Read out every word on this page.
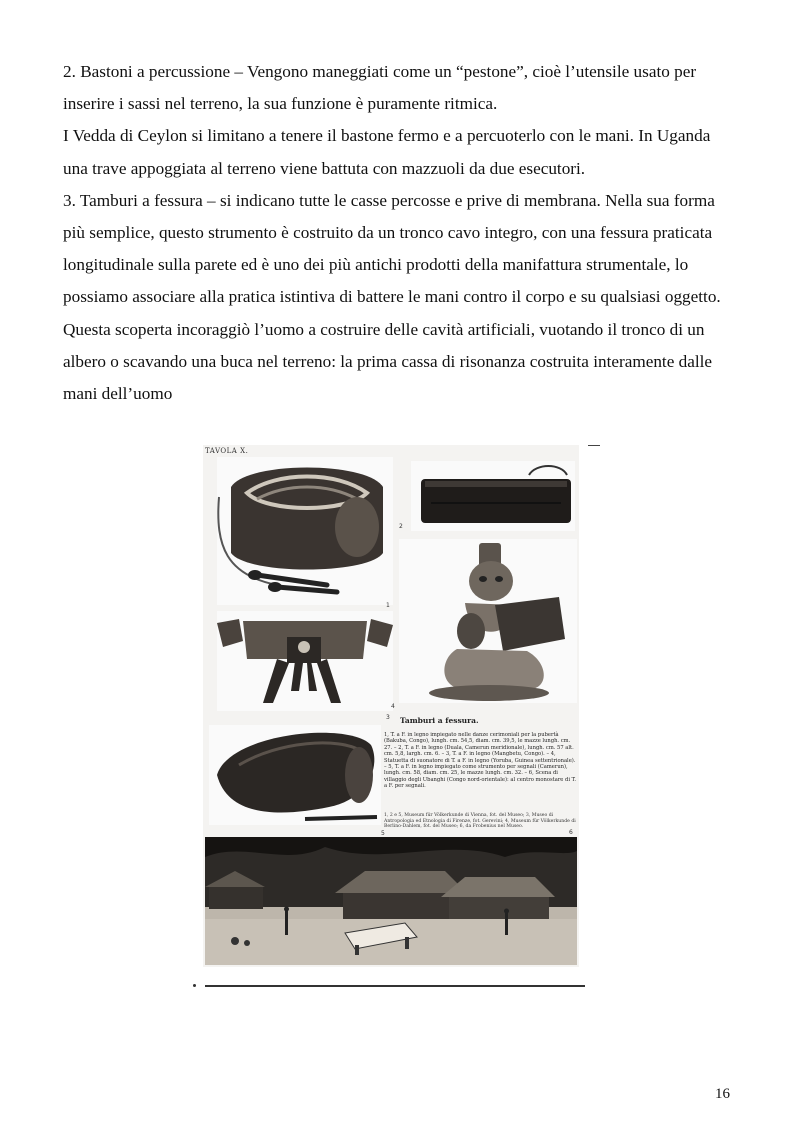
2. Bastoni a percussione – Vengono maneggiati come un “pestone”, cioè l’utensile usato per inserire i sassi nel terreno, la sua funzione è puramente ritmica.

I Vedda di Ceylon si limitano a tenere il bastone fermo e a percuoterlo con le mani. In Uganda una trave appoggiata al terreno viene battuta con mazzuoli da due esecutori.

3. Tamburi a fessura – si indicano tutte le casse percosse e prive di membrana. Nella sua forma più semplice, questo strumento è costruito da un tronco cavo integro, con una fessura praticata longitudinale sulla parete ed è uno dei più antichi prodotti della manifattura strumentale, lo possiamo associare alla pratica istintiva di battere le mani contro il corpo e su qualsiasi oggetto. Questa scoperta incoraggiò l’uomo a costruire delle cavità artificiali, vuotando il tronco di un albero o scavando una buca nel terreno: la prima cassa di risonanza costruita interamente dalle

mani dell’uomo

TAVOLA X.
1
2
3
4
Tamburi a fessura.
1, T. a F. in legno impiegato nelle danze cerimoniali per la pubertà (Bakuba, Congo), lungh. cm. 54,5, diam. cm. 39,5, le mazze lungh. cm. 27. – 2, T. a F. in legno (Duala, Camerun meridionale), lungh. cm. 57 alt. cm. 5,8, largh. cm. 6. – 3, T. a F. in legno (Mangbetu, Congo). – 4, Statuetta di suonatore di T. a F. in legno (Yoruba, Guinea settentrionale). – 5, T. a F. in legno impiegato come strumento per segnali (Camerun), lungh. cm. 58, diam. cm. 25, le mazze lungh. cm. 32. – 6, Scena di villaggio degli Ubanghi (Congo nord-orientale): al centro monostare di T. a F. per segnali.
1, 2 e 5, Museum für Völkerkunde di Vienna, fot. del Museo; 3, Museo di Antropologia ed Etnologia di Firenze, fot. Gerevini; 4, Museum für Völkerkunde di Berlino-Dahlem, fot. del Museo; 6, da Frobenius nel Museo.
5	6
16
